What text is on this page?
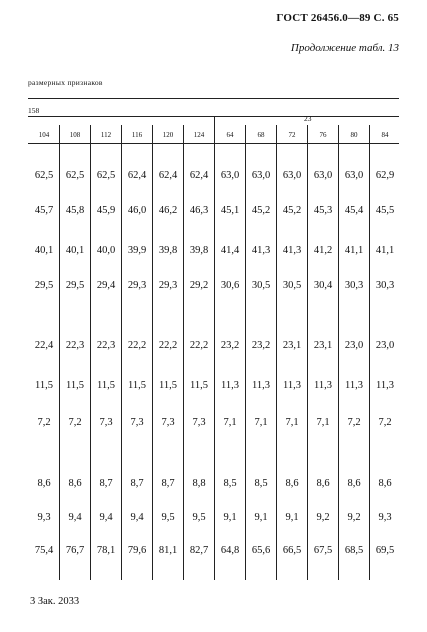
ГОСТ 26456.0—89 С. 65
Продолжение табл. 13
размерных признаков
158
23
104	108	112	116	120	124	64	68	72	76	80	84
62,5	62,5	62,5	62,4	62,4	62,4	63,0	63,0	63,0	63,0	63,0	62,9
45,7	45,8	45,9	46,0	46,2	46,3	45,1	45,2	45,2	45,3	45,4	45,5
40,1	40,1	40,0	39,9	39,8	39,8	41,4	41,3	41,3	41,2	41,1	41,1
29,5	29,5	29,4	29,3	29,3	29,2	30,6	30,5	30,5	30,4	30,3	30,3
22,4	22,3	22,3	22,2	22,2	22,2	23,2	23,2	23,1	23,1	23,0	23,0
11,5	11,5	11,5	11,5	11,5	11,5	11,3	11,3	11,3	11,3	11,3	11,3
7,2	7,2	7,3	7,3	7,3	7,3	7,1	7,1	7,1	7,1	7,2	7,2
8,6	8,6	8,7	8,7	8,7	8,8	8,5	8,5	8,6	8,6	8,6	8,6
9,3	9,4	9,4	9,4	9,5	9,5	9,1	9,1	9,1	9,2	9,2	9,3
75,4	76,7	78,1	79,6	81,1	82,7	64,8	65,6	66,5	67,5	68,5	69,5
3 Зак. 2033
